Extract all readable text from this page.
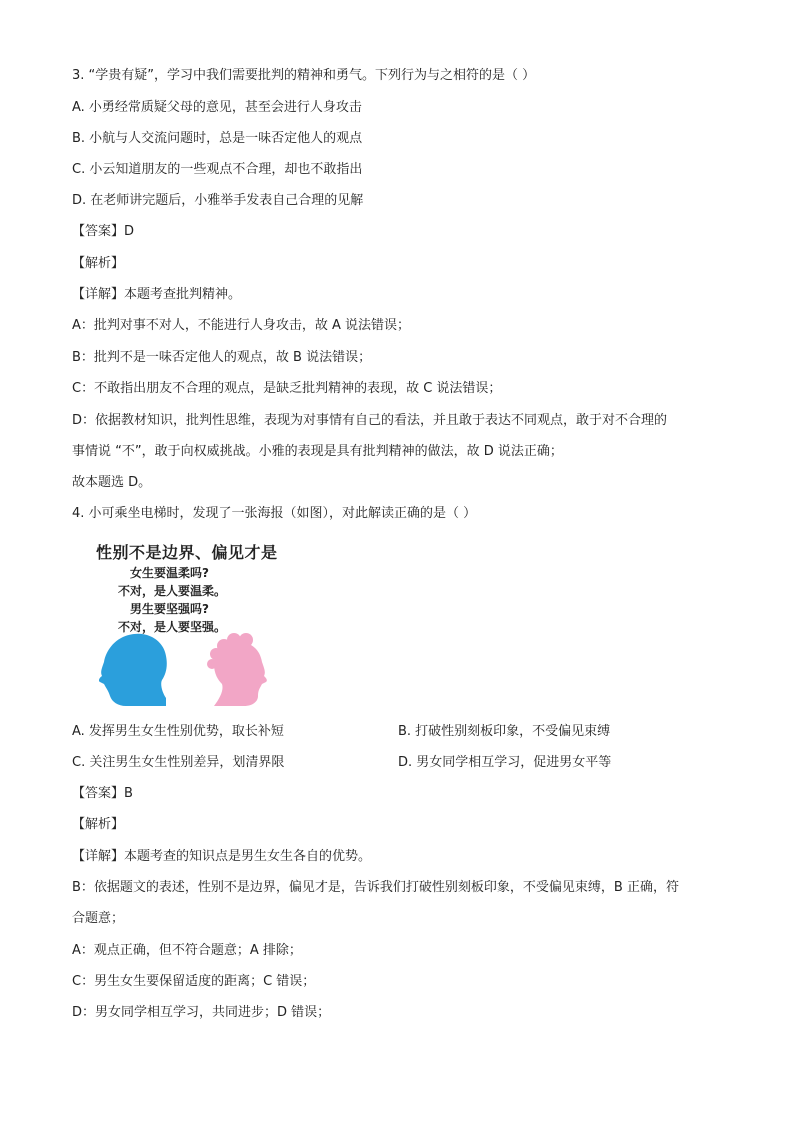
3. “学贵有疑”，学习中我们需要批判的精神和勇气。下列行为与之相符的是（ ）
A. 小勇经常质疑父母的意见，甚至会进行人身攻击
B. 小航与人交流问题时，总是一味否定他人的观点
C. 小云知道朋友的一些观点不合理，却也不敢指出
D. 在老师讲完题后，小雅举手发表自己合理的见解
【答案】D
【解析】
【详解】本题考查批判精神。
A：批判对事不对人，不能进行人身攻击，故 A 说法错误；
B：批判不是一味否定他人的观点，故 B 说法错误；
C：不敢指出朋友不合理的观点，是缺乏批判精神的表现，故 C 说法错误；
D：依据教材知识，批判性思维，表现为对事情有自己的看法，并且敢于表达不同观点，敢于对不合理的
事情说 “不”，敢于向权威挑战。小雅的表现是具有批判精神的做法，故 D 说法正确；
故本题选 D。
4. 小可乘坐电梯时，发现了一张海报（如图），对此解读正确的是（ ）
性别不是边界、偏见才是
女生要温柔吗?
不对，是人要温柔。
男生要坚强吗?
不对，是人要坚强。
A. 发挥男生女生性别优势，取长补短	B. 打破性别刻板印象，不受偏见束缚
C. 关注男生女生性别差异，划清界限	D. 男女同学相互学习，促进男女平等
【答案】B
【解析】
【详解】本题考查的知识点是男生女生各自的优势。
B：依据题文的表述，性别不是边界，偏见才是，告诉我们打破性别刻板印象，不受偏见束缚，B 正确，符
合题意；
A：观点正确，但不符合题意；A 排除；
C：男生女生要保留适度的距离；C 错误；
D：男女同学相互学习，共同进步；D 错误；
